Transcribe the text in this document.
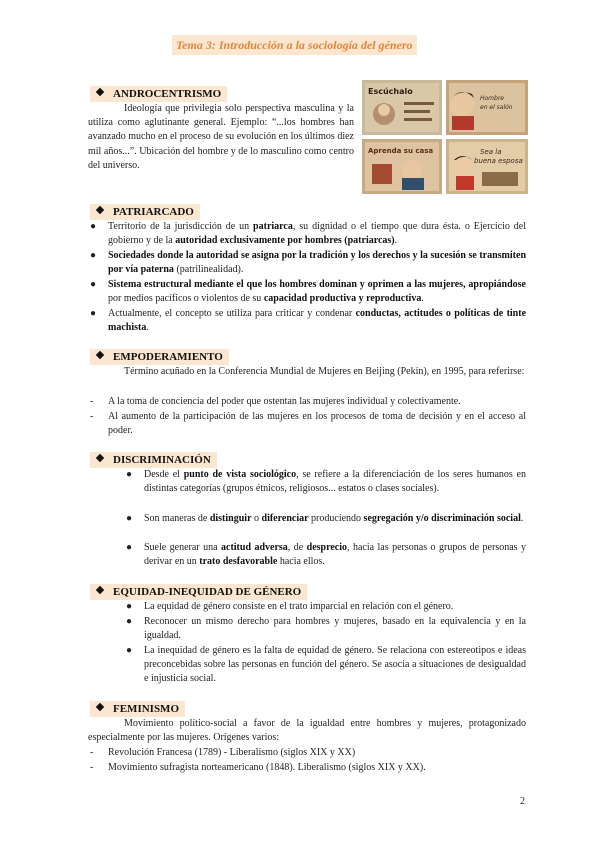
Tema 3: Introducción a la sociología del género
ANDROCENTRISMO
Ideología que privilegia solo perspectiva masculina y la utiliza como aglutinante general. Ejemplo: “...los hombres han avanzado mucho en el proceso de su evolución en los últimos diez mil años...”. Ubicación del hombre y de lo masculino como centro del universo.
Escúchalo
Hombre
en el salón
Aprenda su casa	Sea la
buena esposa
PATRIARCADO
● Territorio de la jurisdicción de un patriarca, su dignidad o el tiempo que dura ésta. o Ejercicio del gobierno y de la autoridad exclusivamente por hombres (patriarcas).
● Sociedades donde la autoridad se asigna por la tradición y los derechos y la sucesión se transmiten por vía paterna (patrilinealidad).
● Sistema estructural mediante el que los hombres dominan y oprimen a las mujeres, apropiándose por medios pacíficos o violentos de su capacidad productiva y reproductiva.
● Actualmente, el concepto se utiliza para criticar y condenar conductas, actitudes o políticas de tinte machista.
EMPODERAMIENTO
Término acuñado en la Conferencia Mundial de Mujeres en Beijing (Pekín), en 1995, para referirse:
- A la toma de conciencia del poder que ostentan las mujeres individual y colectivamente.
- Al aumento de la participación de las mujeres en los procesos de toma de decisión y en el acceso al poder.
DISCRIMINACIÓN
● Desde el punto de vista sociológico, se refiere a la diferenciación de los seres humanos en distintas categorías (grupos étnicos, religiosos... estatos o clases sociales).
● Son maneras de distinguir o diferenciar produciendo segregación y/o discriminación social.
● Suele generar una actitud adversa, de desprecio, hacia las personas o grupos de personas y derivar en un trato desfavorable hacia ellos.
EQUIDAD-INEQUIDAD DE GÉNERO
● La equidad de género consiste en el trato imparcial en relación con el género.
● Reconocer un mismo derecho para hombres y mujeres, basado en la equivalencia y en la igualdad.
● La inequidad de género es la falta de equidad de género. Se relaciona con estereotipos e ideas preconcebidas sobre las personas en función del género. Se asocia a situaciones de desigualdad e injusticia social.
FEMINISMO
Movimiento político-social a favor de la igualdad entre hombres y mujeres, protagonizado especialmente por las mujeres. Orígenes varios:
- Revolución Francesa (1789) - Liberalismo (siglos XIX y XX)
- Movimiento sufragista norteamericano (1848). Liberalismo (siglos XIX y XX).
2
